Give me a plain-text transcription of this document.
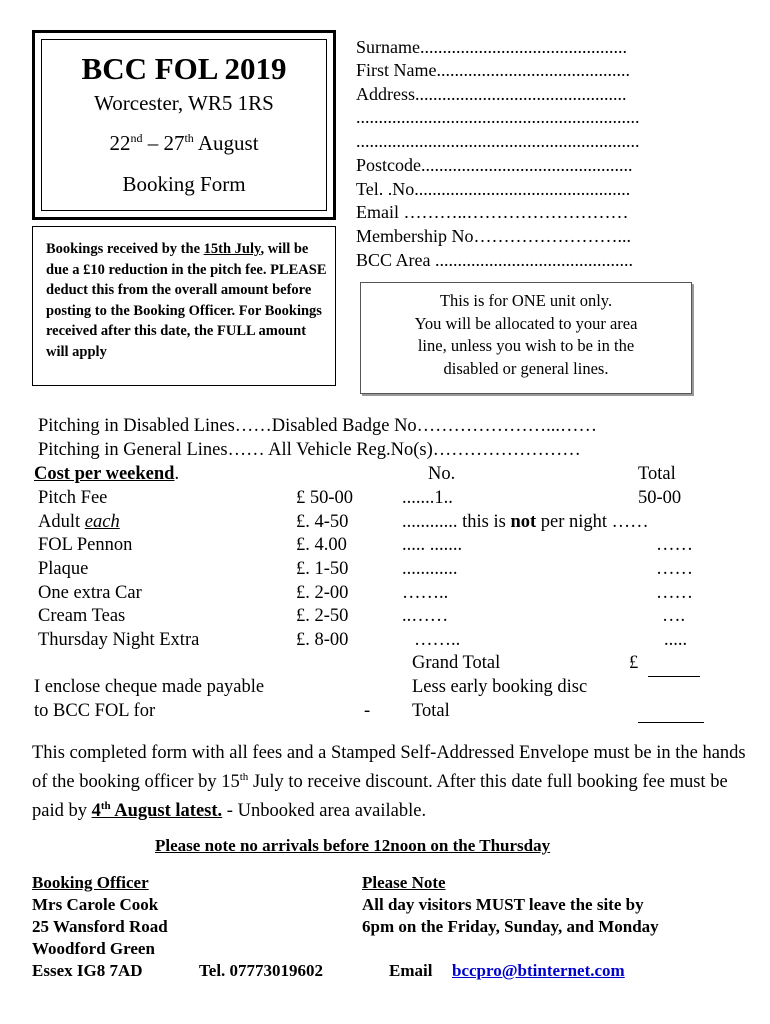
BCC FOL 2019
Worcester, WR5 1RS
22nd – 27th August
Booking Form
Bookings received by the 15th July, will be due a £10 reduction in the pitch fee. PLEASE deduct this from the overall amount before posting to the Booking Officer. For Bookings received after this date, the FULL amount will apply
Surname..............................................
First Name...........................................
Address...............................................
...............................................................
...............................................................
Postcode...............................................
Tel. .No................................................
Email ………..………………………
Membership No……………………...
BCC Area ............................................
This is for ONE unit only.
You will be allocated to your area
line, unless you wish to be in the
disabled or general lines.
Pitching in Disabled Lines……Disabled Badge No…………………...……
Pitching in General Lines…… All Vehicle Reg.No(s)……………………
Cost per weekend.	No.	Total
Pitch Fee	£ 50-00	.......1..	50-00
Adult each	£. 4-50	............ this is not per night ……
FOL Pennon	£. 4.00	..... .......	……
Plaque	£. 1-50	............	……
One extra Car	£. 2-00	……..	……
Cream Teas	£. 2-50	..……	….
Thursday Night Extra	£. 8-00	……..	.....
Grand Total	£
I enclose cheque made payable	Less early booking disc
to BCC FOL for	- Total
This completed form with all fees and a Stamped Self-Addressed Envelope must be in the hands of the booking officer by 15th July to receive discount. After this date full booking fee must be paid by 4th August latest. - Unbooked area available.
Please note no arrivals before 12noon on the Thursday
Booking Officer
Mrs Carole Cook
25 Wansford Road
Woodford Green
Essex IG8 7AD	Tel. 07773019602
Please Note
All day visitors MUST leave the site by
6pm on the Friday, Sunday, and Monday
Email bccpro@btinternet.com
